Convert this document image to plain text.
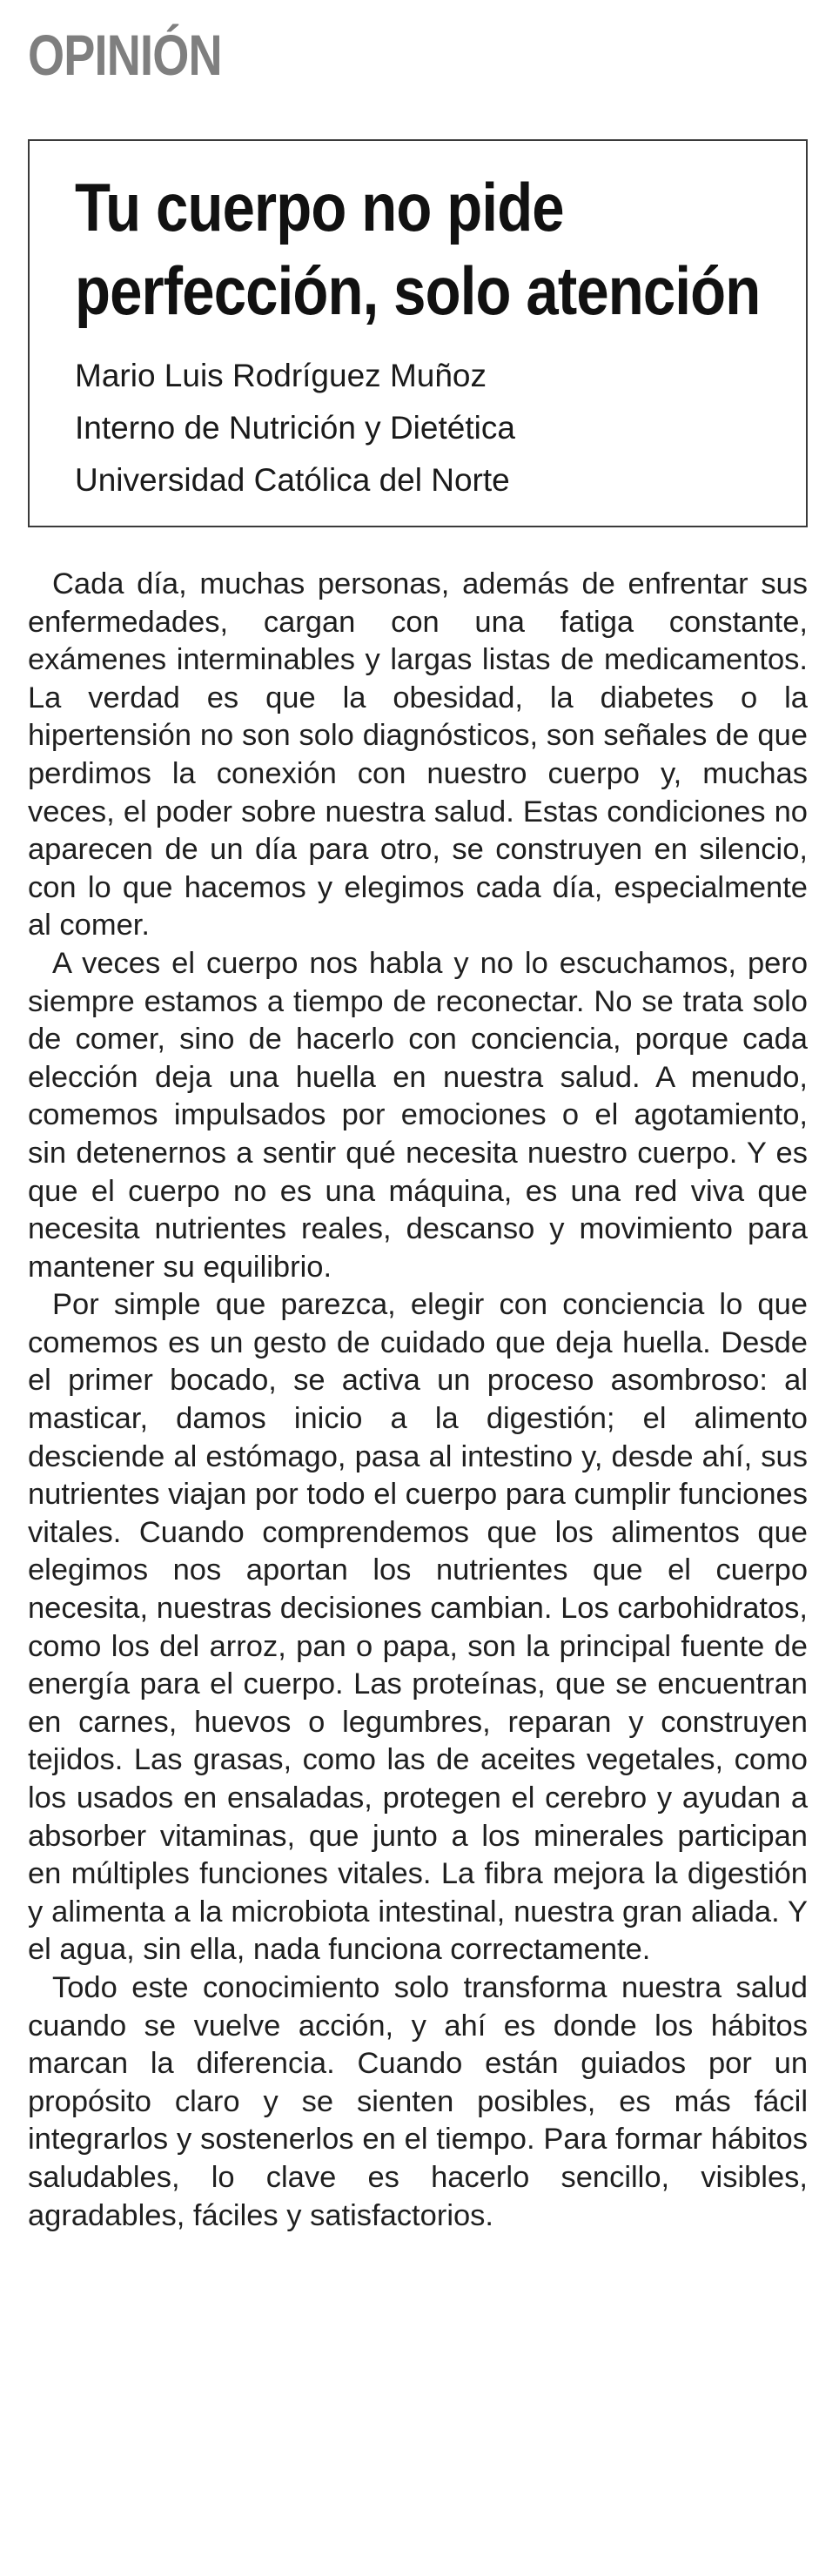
OPINIÓN
Tu cuerpo no pide
perfección, solo atención
Mario Luis Rodríguez Muñoz
Interno de Nutrición y Dietética
Universidad Católica del Norte

Cada día, muchas personas, además de enfrentar sus enfermedades, cargan con una fatiga constante, exámenes interminables y largas listas de medicamentos. La verdad es que la obesidad, la diabetes o la hipertensión no son solo diagnósticos, son señales de que perdimos la conexión con nuestro cuerpo y, muchas veces, el poder sobre nuestra salud. Estas condiciones no aparecen de un día para otro, se construyen en silencio, con lo que hacemos y elegimos cada día, especialmente al comer.

A veces el cuerpo nos habla y no lo escuchamos, pero siempre estamos a tiempo de reconectar. No se trata solo de comer, sino de hacerlo con conciencia, porque cada elección deja una huella en nuestra salud. A menudo, comemos impulsados por emociones o el agotamiento, sin detenernos a sentir qué necesita nuestro cuerpo. Y es que el cuerpo no es una máquina, es una red viva que necesita nutrientes reales, descanso y movimiento para mantener su equilibrio.

Por simple que parezca, elegir con conciencia lo que comemos es un gesto de cuidado que deja huella. Desde el primer bocado, se activa un proceso asombroso: al masticar, damos inicio a la digestión; el alimento desciende al estómago, pasa al intestino y, desde ahí, sus nutrientes viajan por todo el cuerpo para cumplir funciones vitales. Cuando comprendemos que los alimentos que elegimos nos aportan los nutrientes que el cuerpo necesita, nuestras decisiones cambian. Los carbohidratos, como los del arroz, pan o papa, son la principal fuente de energía para el cuerpo. Las proteínas, que se encuentran en carnes, huevos o legumbres, reparan y construyen tejidos. Las grasas, como las de aceites vegetales, como los usados en ensaladas, protegen el cerebro y ayudan a absorber vitaminas, que junto a los minerales participan en múltiples funciones vitales. La fibra mejora la digestión y alimenta a la microbiota intestinal, nuestra gran aliada. Y el agua, sin ella, nada funciona correctamente.

Todo este conocimiento solo transforma nuestra salud cuando se vuelve acción, y ahí es donde los hábitos marcan la diferencia. Cuando están guiados por un propósito claro y se sienten posibles, es más fácil integrarlos y sostenerlos en el tiempo. Para formar hábitos saludables, lo clave es hacerlo sencillo, visibles, agradables, fáciles y satisfactorios.
